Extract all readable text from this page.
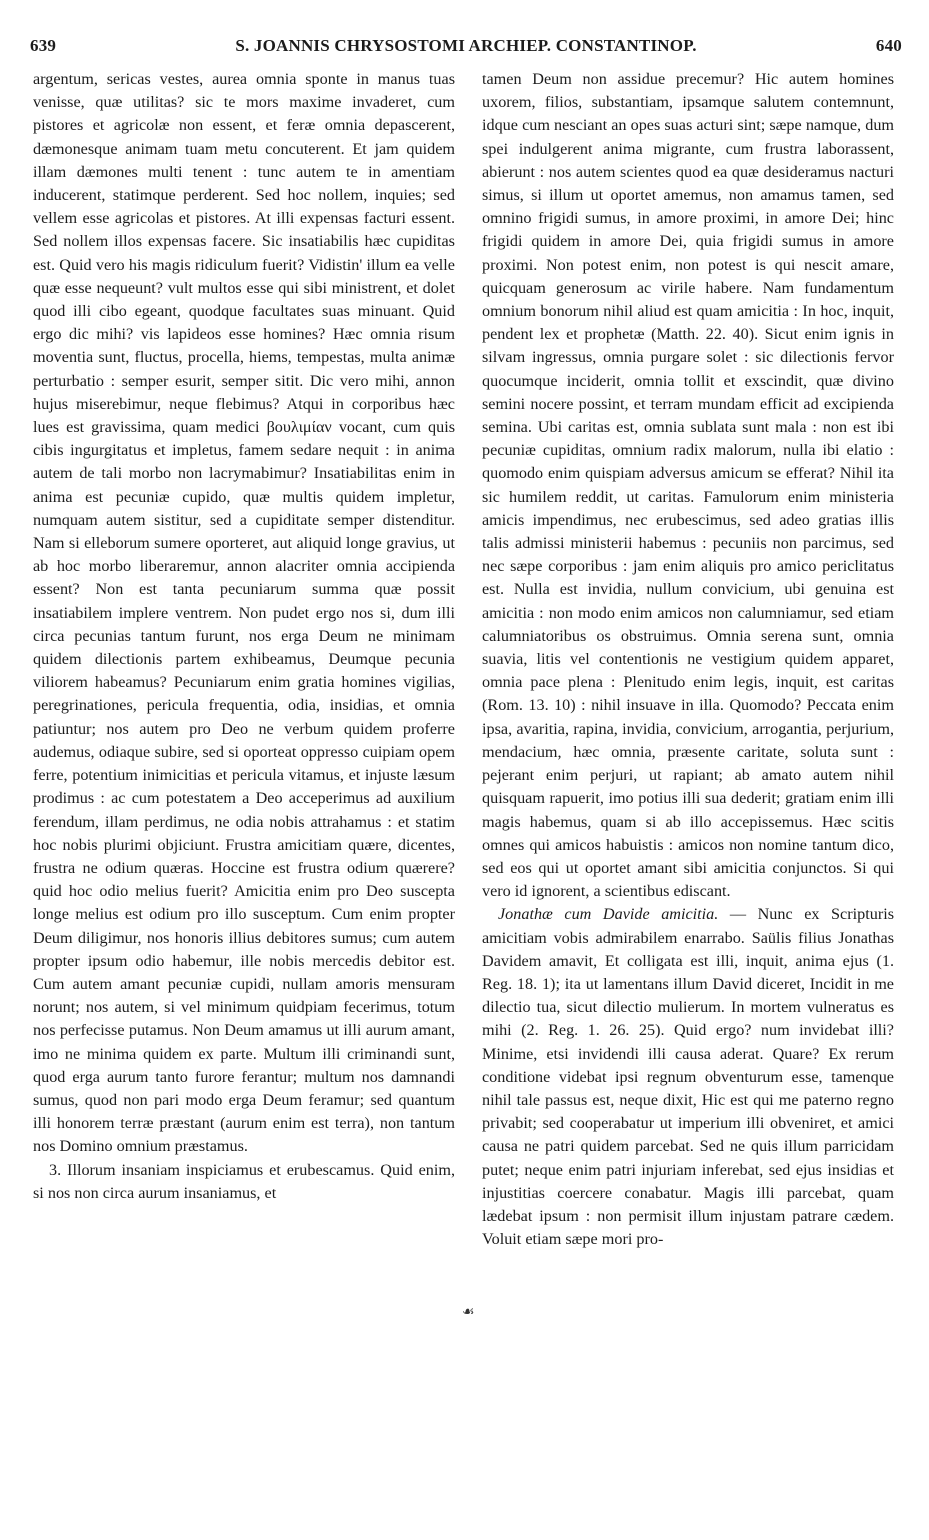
639	S. JOANNIS CHRYSOSTOMI ARCHIEP. CONSTANTINOP.	640

argentum, sericas vestes, aurea omnia sponte in manus tuas venisse, quæ utilitas? sic te mors maxime invaderet, cum pistores et agricolæ non essent, et feræ omnia depascerent, dæmonesque animam tuam metu concuterent. Et jam quidem illam dæmones multi tenent : tunc autem te in amentiam inducerent, statimque perderent. Sed hoc nollem, inquies; sed vellem esse agricolas et pistores. At illi expensas facturi essent. Sed nollem illos expensas facere. Sic insatiabilis hæc cupiditas est. Quid vero his magis ridiculum fuerit? Vidistin' illum ea velle quæ esse nequeunt? vult multos esse qui sibi ministrent, et dolet quod illi cibo egeant, quodque facultates suas minuant. Quid ergo dic mihi? vis lapideos esse homines? Hæc omnia risum moventia sunt, fluctus, procella, hiems, tempestas, multa animæ perturbatio : semper esurit, semper sitit. Dic vero mihi, annon hujus miserebimur, neque flebimus? Atqui in corporibus hæc lues est gravissima, quam medici βουλιμίαν vocant, cum quis cibis ingurgitatus et impletus, famem sedare nequit : in anima autem de tali morbo non lacrymabimur? Insatiabilitas enim in anima est pecuniæ cupido, quæ multis quidem impletur, numquam autem sistitur, sed a cupiditate semper distenditur. Nam si elleborum sumere oporteret, aut aliquid longe gravius, ut ab hoc morbo liberaremur, annon alacriter omnia accipienda essent? Non est tanta pecuniarum summa quæ possit insatiabilem implere ventrem. Non pudet ergo nos si, dum illi circa pecunias tantum furunt, nos erga Deum ne minimam quidem dilectionis partem exhibeamus, Deumque pecunia viliorem habeamus? Pecuniarum enim gratia homines vigilias, peregrinationes, pericula frequentia, odia, insidias, et omnia patiuntur; nos autem pro Deo ne verbum quidem proferre audemus, odiaque subire, sed si oporteat oppresso cuipiam opem ferre, potentium inimicitias et pericula vitamus, et injuste læsum prodimus : ac cum potestatem a Deo acceperimus ad auxilium ferendum, illam perdimus, ne odia nobis attrahamus : et statim hoc nobis plurimi objiciunt. Frustra amicitiam quære, dicentes, frustra ne odium quæras. Hoccine est frustra odium quærere? quid hoc odio melius fuerit? Amicitia enim pro Deo suscepta longe melius est odium pro illo susceptum. Cum enim propter Deum diligimur, nos honoris illius debitores sumus; cum autem propter ipsum odio habemur, ille nobis mercedis debitor est. Cum autem amant pecuniæ cupidi, nullam amoris mensuram norunt; nos autem, si vel minimum quidpiam fecerimus, totum nos perfecisse putamus. Non Deum amamus ut illi aurum amant, imo ne minima quidem ex parte. Multum illi criminandi sunt, quod erga aurum tanto furore ferantur; multum nos damnandi sumus, quod non pari modo erga Deum feramur; sed quantum illi honorem terræ præstant (aurum enim est terra), non tantum nos Domino omnium præstamus.

3. Illorum insaniam inspiciamus et erubescamus. Quid enim, si nos non circa aurum insaniamus, et

☙

tamen Deum non assidue precemur? Hic autem homines uxorem, filios, substantiam, ipsamque salutem contemnunt, idque cum nesciant an opes suas acturi sint; sæpe namque, dum spei indulgerent anima migrante, cum frustra laborassent, abierunt : nos autem scientes quod ea quæ desideramus nacturi simus, si illum ut oportet amemus, non amamus tamen, sed omnino frigidi sumus, in amore proximi, in amore Dei; hinc frigidi quidem in amore Dei, quia frigidi sumus in amore proximi. Non potest enim, non potest is qui nescit amare, quicquam generosum ac virile habere. Nam fundamentum omnium bonorum nihil aliud est quam amicitia : In hoc, inquit, pendent lex et prophetæ (Matth. 22. 40). Sicut enim ignis in silvam ingressus, omnia purgare solet : sic dilectionis fervor quocumque inciderit, omnia tollit et exscindit, quæ divino semini nocere possint, et terram mundam efficit ad excipienda semina. Ubi caritas est, omnia sublata sunt mala : non est ibi pecuniæ cupiditas, omnium radix malorum, nulla ibi elatio : quomodo enim quispiam adversus amicum se efferat? Nihil ita sic humilem reddit, ut caritas. Famulorum enim ministeria amicis impendimus, nec erubescimus, sed adeo gratias illis talis admissi ministerii habemus : pecuniis non parcimus, sed nec sæpe corporibus : jam enim aliquis pro amico periclitatus est. Nulla est invidia, nullum convicium, ubi genuina est amicitia : non modo enim amicos non calumniamur, sed etiam calumniatoribus os obstruimus. Omnia serena sunt, omnia suavia, litis vel contentionis ne vestigium quidem apparet, omnia pace plena : Plenitudo enim legis, inquit, est caritas (Rom. 13. 10) : nihil insuave in illa. Quomodo? Peccata enim ipsa, avaritia, rapina, invidia, convicium, arrogantia, perjurium, mendacium, hæc omnia, præsente caritate, soluta sunt : pejerant enim perjuri, ut rapiant; ab amato autem nihil quisquam rapuerit, imo potius illi sua dederit; gratiam enim illi magis habemus, quam si ab illo accepissemus. Hæc scitis omnes qui amicos habuistis : amicos non nomine tantum dico, sed eos qui ut oportet amant sibi amicitia conjunctos. Si qui vero id ignorent, a scientibus ediscant.

Jonathæ cum Davide amicitia. — Nunc ex Scripturis amicitiam vobis admirabilem enarrabo. Saülis filius Jonathas Davidem amavit, Et colligata est illi, inquit, anima ejus (1. Reg. 18. 1); ita ut lamentans illum David diceret, Incidit in me dilectio tua, sicut dilectio mulierum. In mortem vulneratus es mihi (2. Reg. 1. 26. 25). Quid ergo? num invidebat illi? Minime, etsi invidendi illi causa aderat. Quare? Ex rerum conditione videbat ipsi regnum obventurum esse, tamenque nihil tale passus est, neque dixit, Hic est qui me paterno regno privabit; sed cooperabatur ut imperium illi obveniret, et amici causa ne patri quidem parcebat. Sed ne quis illum parricidam putet; neque enim patri injuriam inferebat, sed ejus insidias et injustitias coercere conabatur. Magis illi parcebat, quam lædebat ipsum : non permisit illum injustam patrare cædem. Voluit etiam sæpe mori pro-
